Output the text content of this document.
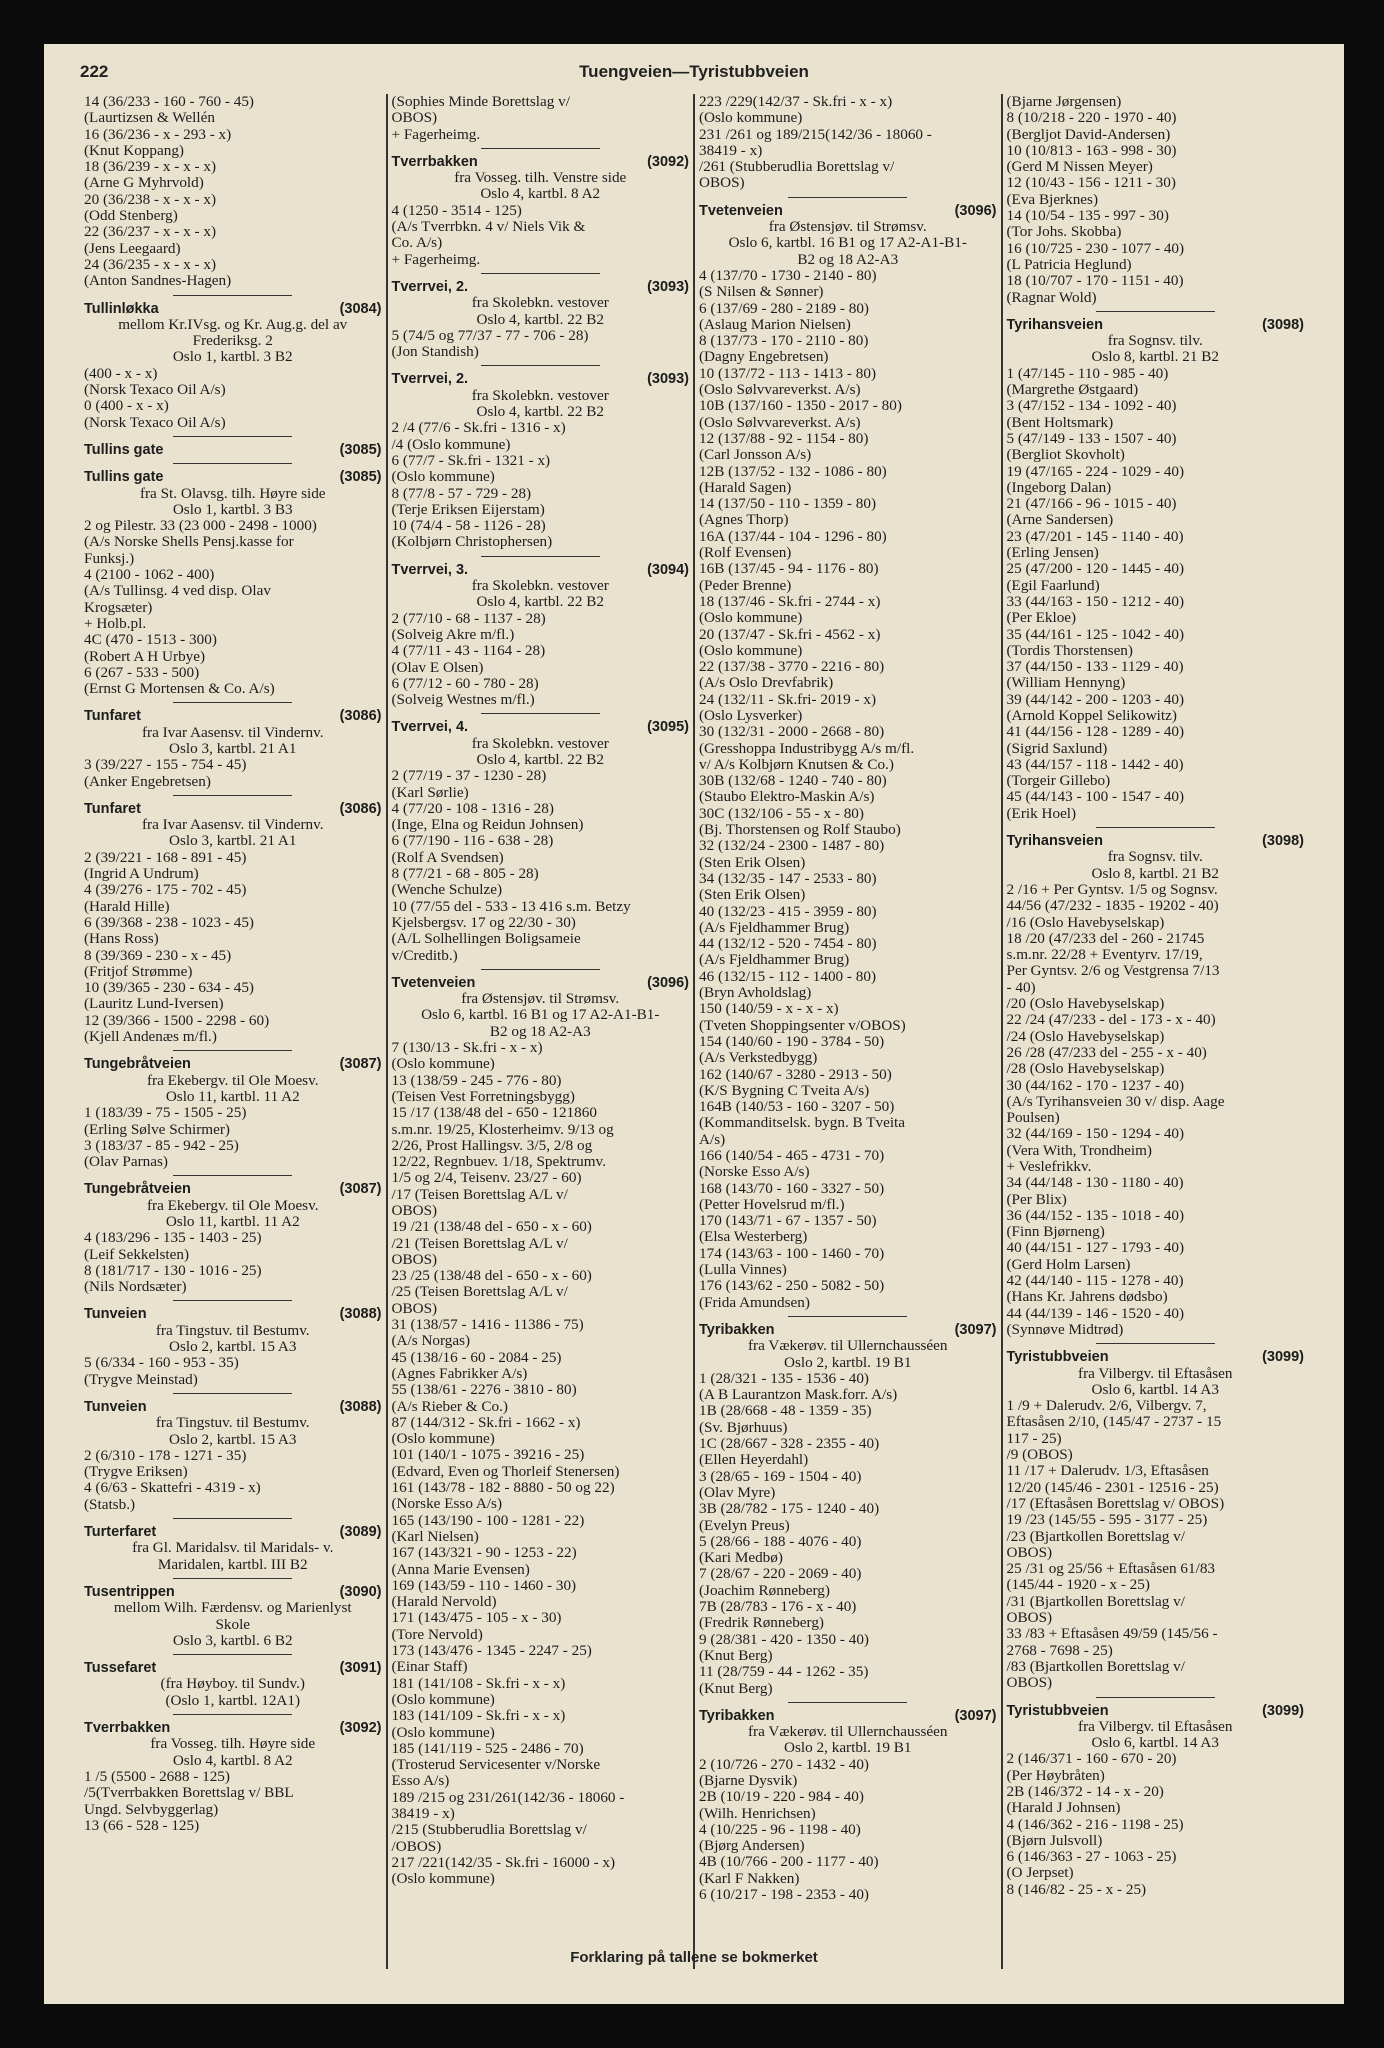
222	Tuengveien—Tyristubbveien
14 (36/233 - 160 - 760 - 45)
(Laurtizsen & Wellén
16 (36/236 - x - 293 - x)
(Knut Koppang)
18 (36/239 - x - x - x)
(Arne G Myhrvold)
20 (36/238 - x - x - x)
(Odd Stenberg)
22 (36/237 - x - x - x)
(Jens Leegaard)
24 (36/235 - x - x - x)
(Anton Sandnes-Hagen)
Tullinløkka	(3084)
mellom Kr.IVsg. og Kr. Aug.g. del av
Frederiksg. 2
Oslo 1, kartbl. 3 B2
(400 - x - x)
(Norsk Texaco Oil A/s)
0 (400 - x - x)
(Norsk Texaco Oil A/s)
Tullins gate	(3085)
Tullins gate	(3085)
fra St. Olavsg. tilh. Høyre side
Oslo 1, kartbl. 3 B3
2 og Pilestr. 33 (23 000 - 2498 - 1000)
(A/s Norske Shells Pensj.kasse for
Funksj.)
4 (2100 - 1062 - 400)
(A/s Tullinsg. 4 ved disp. Olav
Krogsæter)
+ Holb.pl.
4C (470 - 1513 - 300)
(Robert A H Urbye)
6 (267 - 533 - 500)
(Ernst G Mortensen & Co. A/s)
Tunfaret	(3086)
fra Ivar Aasensv. til Vindernv.
Oslo 3, kartbl. 21 A1
3 (39/227 - 155 - 754 - 45)
(Anker Engebretsen)
Tunfaret	(3086)
fra Ivar Aasensv. til Vindernv.
Oslo 3, kartbl. 21 A1
2 (39/221 - 168 - 891 - 45)
(Ingrid A Undrum)
4 (39/276 - 175 - 702 - 45)
(Harald Hille)
6 (39/368 - 238 - 1023 - 45)
(Hans Ross)
8 (39/369 - 230 - x - 45)
(Fritjof Strømme)
10 (39/365 - 230 - 634 - 45)
(Lauritz Lund-Iversen)
12 (39/366 - 1500 - 2298 - 60)
(Kjell Andenæs m/fl.)
Tungebråtveien	(3087)
fra Ekebergv. til Ole Moesv.
Oslo 11, kartbl. 11 A2
1 (183/39 - 75 - 1505 - 25)
(Erling Sølve Schirmer)
3 (183/37 - 85 - 942 - 25)
(Olav Parnas)
Tungebråtveien	(3087)
fra Ekebergv. til Ole Moesv.
Oslo 11, kartbl. 11 A2
4 (183/296 - 135 - 1403 - 25)
(Leif Sekkelsten)
8 (181/717 - 130 - 1016 - 25)
(Nils Nordsæter)
Tunveien	(3088)
fra Tingstuv. til Bestumv.
Oslo 2, kartbl. 15 A3
5 (6/334 - 160 - 953 - 35)
(Trygve Meinstad)
Tunveien	(3088)
fra Tingstuv. til Bestumv.
Oslo 2, kartbl. 15 A3
2 (6/310 - 178 - 1271 - 35)
(Trygve Eriksen)
4 (6/63 - Skattefri - 4319 - x)
(Statsb.)
Turterfaret	(3089)
fra Gl. Maridalsv. til Maridals- v.
Maridalen, kartbl. III B2
Tusentrippen	(3090)
mellom Wilh. Færdensv. og Marienlyst
Skole
Oslo 3, kartbl. 6 B2
Tussefaret	(3091)
(fra Høyboy. til Sundv.)
(Oslo 1, kartbl. 12A1)
Tverrbakken	(3092)
fra Vosseg. tilh. Høyre side
Oslo 4, kartbl. 8 A2
1 /5 (5500 - 2688 - 125)
/5(Tverrbakken Borettslag v/ BBL
Ungd. Selvbyggerlag)
13 (66 - 528 - 125)
(Sophies Minde Borettslag v/
OBOS)
+ Fagerheimg.
Tverrbakken	(3092)
fra Vosseg. tilh. Venstre side
Oslo 4, kartbl. 8 A2
4 (1250 - 3514 - 125)
(A/s Tverrbkn. 4 v/ Niels Vik &
Co. A/s)
+ Fagerheimg.
Tverrvei, 2.	(3093)
fra Skolebkn. vestover
Oslo 4, kartbl. 22 B2
5 (74/5 og 77/37 - 77 - 706 - 28)
(Jon Standish)
Tverrvei, 2.	(3093)
fra Skolebkn. vestover
Oslo 4, kartbl. 22 B2
2 /4 (77/6 - Sk.fri - 1316 - x)
/4 (Oslo kommune)
6 (77/7 - Sk.fri - 1321 - x)
(Oslo kommune)
8 (77/8 - 57 - 729 - 28)
(Terje Eriksen Eijerstam)
10 (74/4 - 58 - 1126 - 28)
(Kolbjørn Christophersen)
Tverrvei, 3.	(3094)
fra Skolebkn. vestover
Oslo 4, kartbl. 22 B2
2 (77/10 - 68 - 1137 - 28)
(Solveig Akre m/fl.)
4 (77/11 - 43 - 1164 - 28)
(Olav E Olsen)
6 (77/12 - 60 - 780 - 28)
(Solveig Westnes m/fl.)
Tverrvei, 4.	(3095)
fra Skolebkn. vestover
Oslo 4, kartbl. 22 B2
2 (77/19 - 37 - 1230 - 28)
(Karl Sørlie)
4 (77/20 - 108 - 1316 - 28)
(Inge, Elna og Reidun Johnsen)
6 (77/190 - 116 - 638 - 28)
(Rolf A Svendsen)
8 (77/21 - 68 - 805 - 28)
(Wenche Schulze)
10 (77/55 del - 533 - 13 416 s.m. Betzy
Kjelsbergsv. 17 og 22/30 - 30)
(A/L Solhellingen Boligsameie
v/Creditb.)
Tvetenveien	(3096)
fra Østensjøv. til Strømsv.
Oslo 6, kartbl. 16 B1 og 17 A2-A1-B1-
B2 og 18 A2-A3
7 (130/13 - Sk.fri - x - x)
(Oslo kommune)
13 (138/59 - 245 - 776 - 80)
(Teisen Vest Forretningsbygg)
15 /17 (138/48 del - 650 - 121860
s.m.nr. 19/25, Klosterheimv. 9/13 og
2/26, Prost Hallingsv. 3/5, 2/8 og
12/22, Regnbuev. 1/18, Spektrumv.
1/5 og 2/4, Teisenv. 23/27 - 60)
/17 (Teisen Borettslag A/L v/
OBOS)
19 /21 (138/48 del - 650 - x - 60)
/21 (Teisen Borettslag A/L v/
OBOS)
23 /25 (138/48 del - 650 - x - 60)
/25 (Teisen Borettslag A/L v/
OBOS)
31 (138/57 - 1416 - 11386 - 75)
(A/s Norgas)
45 (138/16 - 60 - 2084 - 25)
(Agnes Fabrikker A/s)
55 (138/61 - 2276 - 3810 - 80)
(A/s Rieber & Co.)
87 (144/312 - Sk.fri - 1662 - x)
(Oslo kommune)
101 (140/1 - 1075 - 39216 - 25)
(Edvard, Even og Thorleif Stenersen)
161 (143/78 - 182 - 8880 - 50 og 22)
(Norske Esso A/s)
165 (143/190 - 100 - 1281 - 22)
(Karl Nielsen)
167 (143/321 - 90 - 1253 - 22)
(Anna Marie Evensen)
169 (143/59 - 110 - 1460 - 30)
(Harald Nervold)
171 (143/475 - 105 - x - 30)
(Tore Nervold)
173 (143/476 - 1345 - 2247 - 25)
(Einar Staff)
181 (141/108 - Sk.fri - x - x)
(Oslo kommune)
183 (141/109 - Sk.fri - x - x)
(Oslo kommune)
185 (141/119 - 525 - 2486 - 70)
(Trosterud Servicesenter v/Norske
Esso A/s)
189 /215 og 231/261(142/36 - 18060 -
38419 - x)
/215 (Stubberudlia Borettslag v/
/OBOS)
217 /221(142/35 - Sk.fri - 16000 - x)
(Oslo kommune)
223 /229(142/37 - Sk.fri - x - x)
(Oslo kommune)
231 /261 og 189/215(142/36 - 18060 -
38419 - x)
/261 (Stubberudlia Borettslag v/
OBOS)
Tvetenveien	(3096)
fra Østensjøv. til Strømsv.
Oslo 6, kartbl. 16 B1 og 17 A2-A1-B1-
B2 og 18 A2-A3
4 (137/70 - 1730 - 2140 - 80)
(S Nilsen & Sønner)
6 (137/69 - 280 - 2189 - 80)
(Aslaug Marion Nielsen)
8 (137/73 - 170 - 2110 - 80)
(Dagny Engebretsen)
10 (137/72 - 113 - 1413 - 80)
(Oslo Sølvvareverkst. A/s)
10B (137/160 - 1350 - 2017 - 80)
(Oslo Sølvvareverkst. A/s)
12 (137/88 - 92 - 1154 - 80)
(Carl Jonsson A/s)
12B (137/52 - 132 - 1086 - 80)
(Harald Sagen)
14 (137/50 - 110 - 1359 - 80)
(Agnes Thorp)
16A (137/44 - 104 - 1296 - 80)
(Rolf Evensen)
16B (137/45 - 94 - 1176 - 80)
(Peder Brenne)
18 (137/46 - Sk.fri - 2744 - x)
(Oslo kommune)
20 (137/47 - Sk.fri - 4562 - x)
(Oslo kommune)
22 (137/38 - 3770 - 2216 - 80)
(A/s Oslo Drevfabrik)
24 (132/11 - Sk.fri- 2019 - x)
(Oslo Lysverker)
30 (132/31 - 2000 - 2668 - 80)
(Gresshoppa Industribygg A/s m/fl.
v/ A/s Kolbjørn Knutsen & Co.)
30B (132/68 - 1240 - 740 - 80)
(Staubo Elektro-Maskin A/s)
30C (132/106 - 55 - x - 80)
(Bj. Thorstensen og Rolf Staubo)
32 (132/24 - 2300 - 1487 - 80)
(Sten Erik Olsen)
34 (132/35 - 147 - 2533 - 80)
(Sten Erik Olsen)
40 (132/23 - 415 - 3959 - 80)
(A/s Fjeldhammer Brug)
44 (132/12 - 520 - 7454 - 80)
(A/s Fjeldhammer Brug)
46 (132/15 - 112 - 1400 - 80)
(Bryn Avholdslag)
150 (140/59 - x - x - x)
(Tveten Shoppingsenter v/OBOS)
154 (140/60 - 190 - 3784 - 50)
(A/s Verkstedbygg)
162 (140/67 - 3280 - 2913 - 50)
(K/S Bygning C Tveita A/s)
164B (140/53 - 160 - 3207 - 50)
(Kommanditselsk. bygn. B Tveita
A/s)
166 (140/54 - 465 - 4731 - 70)
(Norske Esso A/s)
168 (143/70 - 160 - 3327 - 50)
(Petter Hovelsrud m/fl.)
170 (143/71 - 67 - 1357 - 50)
(Elsa Westerberg)
174 (143/63 - 100 - 1460 - 70)
(Lulla Vinnes)
176 (143/62 - 250 - 5082 - 50)
(Frida Amundsen)
Tyribakken	(3097)
fra Vækerøv. til Ullernchausséen
Oslo 2, kartbl. 19 B1
1 (28/321 - 135 - 1536 - 40)
(A B Laurantzon Mask.forr. A/s)
1B (28/668 - 48 - 1359 - 35)
(Sv. Bjørhuus)
1C (28/667 - 328 - 2355 - 40)
(Ellen Heyerdahl)
3 (28/65 - 169 - 1504 - 40)
(Olav Myre)
3B (28/782 - 175 - 1240 - 40)
(Evelyn Preus)
5 (28/66 - 188 - 4076 - 40)
(Kari Medbø)
7 (28/67 - 220 - 2069 - 40)
(Joachim Rønneberg)
7B (28/783 - 176 - x - 40)
(Fredrik Rønneberg)
9 (28/381 - 420 - 1350 - 40)
(Knut Berg)
11 (28/759 - 44 - 1262 - 35)
(Knut Berg)
Tyribakken	(3097)
fra Vækerøv. til Ullernchausséen
Oslo 2, kartbl. 19 B1
2 (10/726 - 270 - 1432 - 40)
(Bjarne Dysvik)
2B (10/19 - 220 - 984 - 40)
(Wilh. Henrichsen)
4 (10/225 - 96 - 1198 - 40)
(Bjørg Andersen)
4B (10/766 - 200 - 1177 - 40)
(Karl F Nakken)
6 (10/217 - 198 - 2353 - 40)
(Bjarne Jørgensen)
8 (10/218 - 220 - 1970 - 40)
(Bergljot David-Andersen)
10 (10/813 - 163 - 998 - 30)
(Gerd M Nissen Meyer)
12 (10/43 - 156 - 1211 - 30)
(Eva Bjerknes)
14 (10/54 - 135 - 997 - 30)
(Tor Johs. Skobba)
16 (10/725 - 230 - 1077 - 40)
(L Patricia Heglund)
18 (10/707 - 170 - 1151 - 40)
(Ragnar Wold)
Tyrihansveien	(3098)
fra Sognsv. tilv.
Oslo 8, kartbl. 21 B2
1 (47/145 - 110 - 985 - 40)
(Margrethe Østgaard)
3 (47/152 - 134 - 1092 - 40)
(Bent Holtsmark)
5 (47/149 - 133 - 1507 - 40)
(Bergliot Skovholt)
19 (47/165 - 224 - 1029 - 40)
(Ingeborg Dalan)
21 (47/166 - 96 - 1015 - 40)
(Arne Sandersen)
23 (47/201 - 145 - 1140 - 40)
(Erling Jensen)
25 (47/200 - 120 - 1445 - 40)
(Egil Faarlund)
33 (44/163 - 150 - 1212 - 40)
(Per Ekloe)
35 (44/161 - 125 - 1042 - 40)
(Tordis Thorstensen)
37 (44/150 - 133 - 1129 - 40)
(William Hennyng)
39 (44/142 - 200 - 1203 - 40)
(Arnold Koppel Selikowitz)
41 (44/156 - 128 - 1289 - 40)
(Sigrid Saxlund)
43 (44/157 - 118 - 1442 - 40)
(Torgeir Gillebo)
45 (44/143 - 100 - 1547 - 40)
(Erik Hoel)
Tyrihansveien	(3098)
fra Sognsv. tilv.
Oslo 8, kartbl. 21 B2
2 /16 + Per Gyntsv. 1/5 og Sognsv.
44/56 (47/232 - 1835 - 19202 - 40)
/16 (Oslo Havebyselskap)
18 /20 (47/233 del - 260 - 21745
s.m.nr. 22/28 + Eventyrv. 17/19,
Per Gyntsv. 2/6 og Vestgrensa 7/13
- 40)
/20 (Oslo Havebyselskap)
22 /24 (47/233 - del - 173 - x - 40)
/24 (Oslo Havebyselskap)
26 /28 (47/233 del - 255 - x - 40)
/28 (Oslo Havebyselskap)
30 (44/162 - 170 - 1237 - 40)
(A/s Tyrihansveien 30 v/ disp. Aage
Poulsen)
32 (44/169 - 150 - 1294 - 40)
(Vera With, Trondheim)
+ Veslefrikkv.
34 (44/148 - 130 - 1180 - 40)
(Per Blix)
36 (44/152 - 135 - 1018 - 40)
(Finn Bjørneng)
40 (44/151 - 127 - 1793 - 40)
(Gerd Holm Larsen)
42 (44/140 - 115 - 1278 - 40)
(Hans Kr. Jahrens dødsbo)
44 (44/139 - 146 - 1520 - 40)
(Synnøve Midtrød)
Tyristubbveien	(3099)
fra Vilbergv. til Eftasåsen
Oslo 6, kartbl. 14 A3
1 /9 + Dalerudv. 2/6, Vilbergv. 7,
Eftasåsen 2/10, (145/47 - 2737 - 15
117 - 25)
/9 (OBOS)
11 /17 + Dalerudv. 1/3, Eftasåsen
12/20 (145/46 - 2301 - 12516 - 25)
/17 (Eftasåsen Borettslag v/ OBOS)
19 /23 (145/55 - 595 - 3177 - 25)
/23 (Bjartkollen Borettslag v/
OBOS)
25 /31 og 25/56 + Eftasåsen 61/83
(145/44 - 1920 - x - 25)
/31 (Bjartkollen Borettslag v/
OBOS)
33 /83 + Eftasåsen 49/59 (145/56 -
2768 - 7698 - 25)
/83 (Bjartkollen Borettslag v/
OBOS)
Tyristubbveien	(3099)
fra Vilbergv. til Eftasåsen
Oslo 6, kartbl. 14 A3
2 (146/371 - 160 - 670 - 20)
(Per Høybråten)
2B (146/372 - 14 - x - 20)
(Harald J Johnsen)
4 (146/362 - 216 - 1198 - 25)
(Bjørn Julsvoll)
6 (146/363 - 27 - 1063 - 25)
(O Jerpset)
8 (146/82 - 25 - x - 25)
Forklaring på tallene se bokmerket
